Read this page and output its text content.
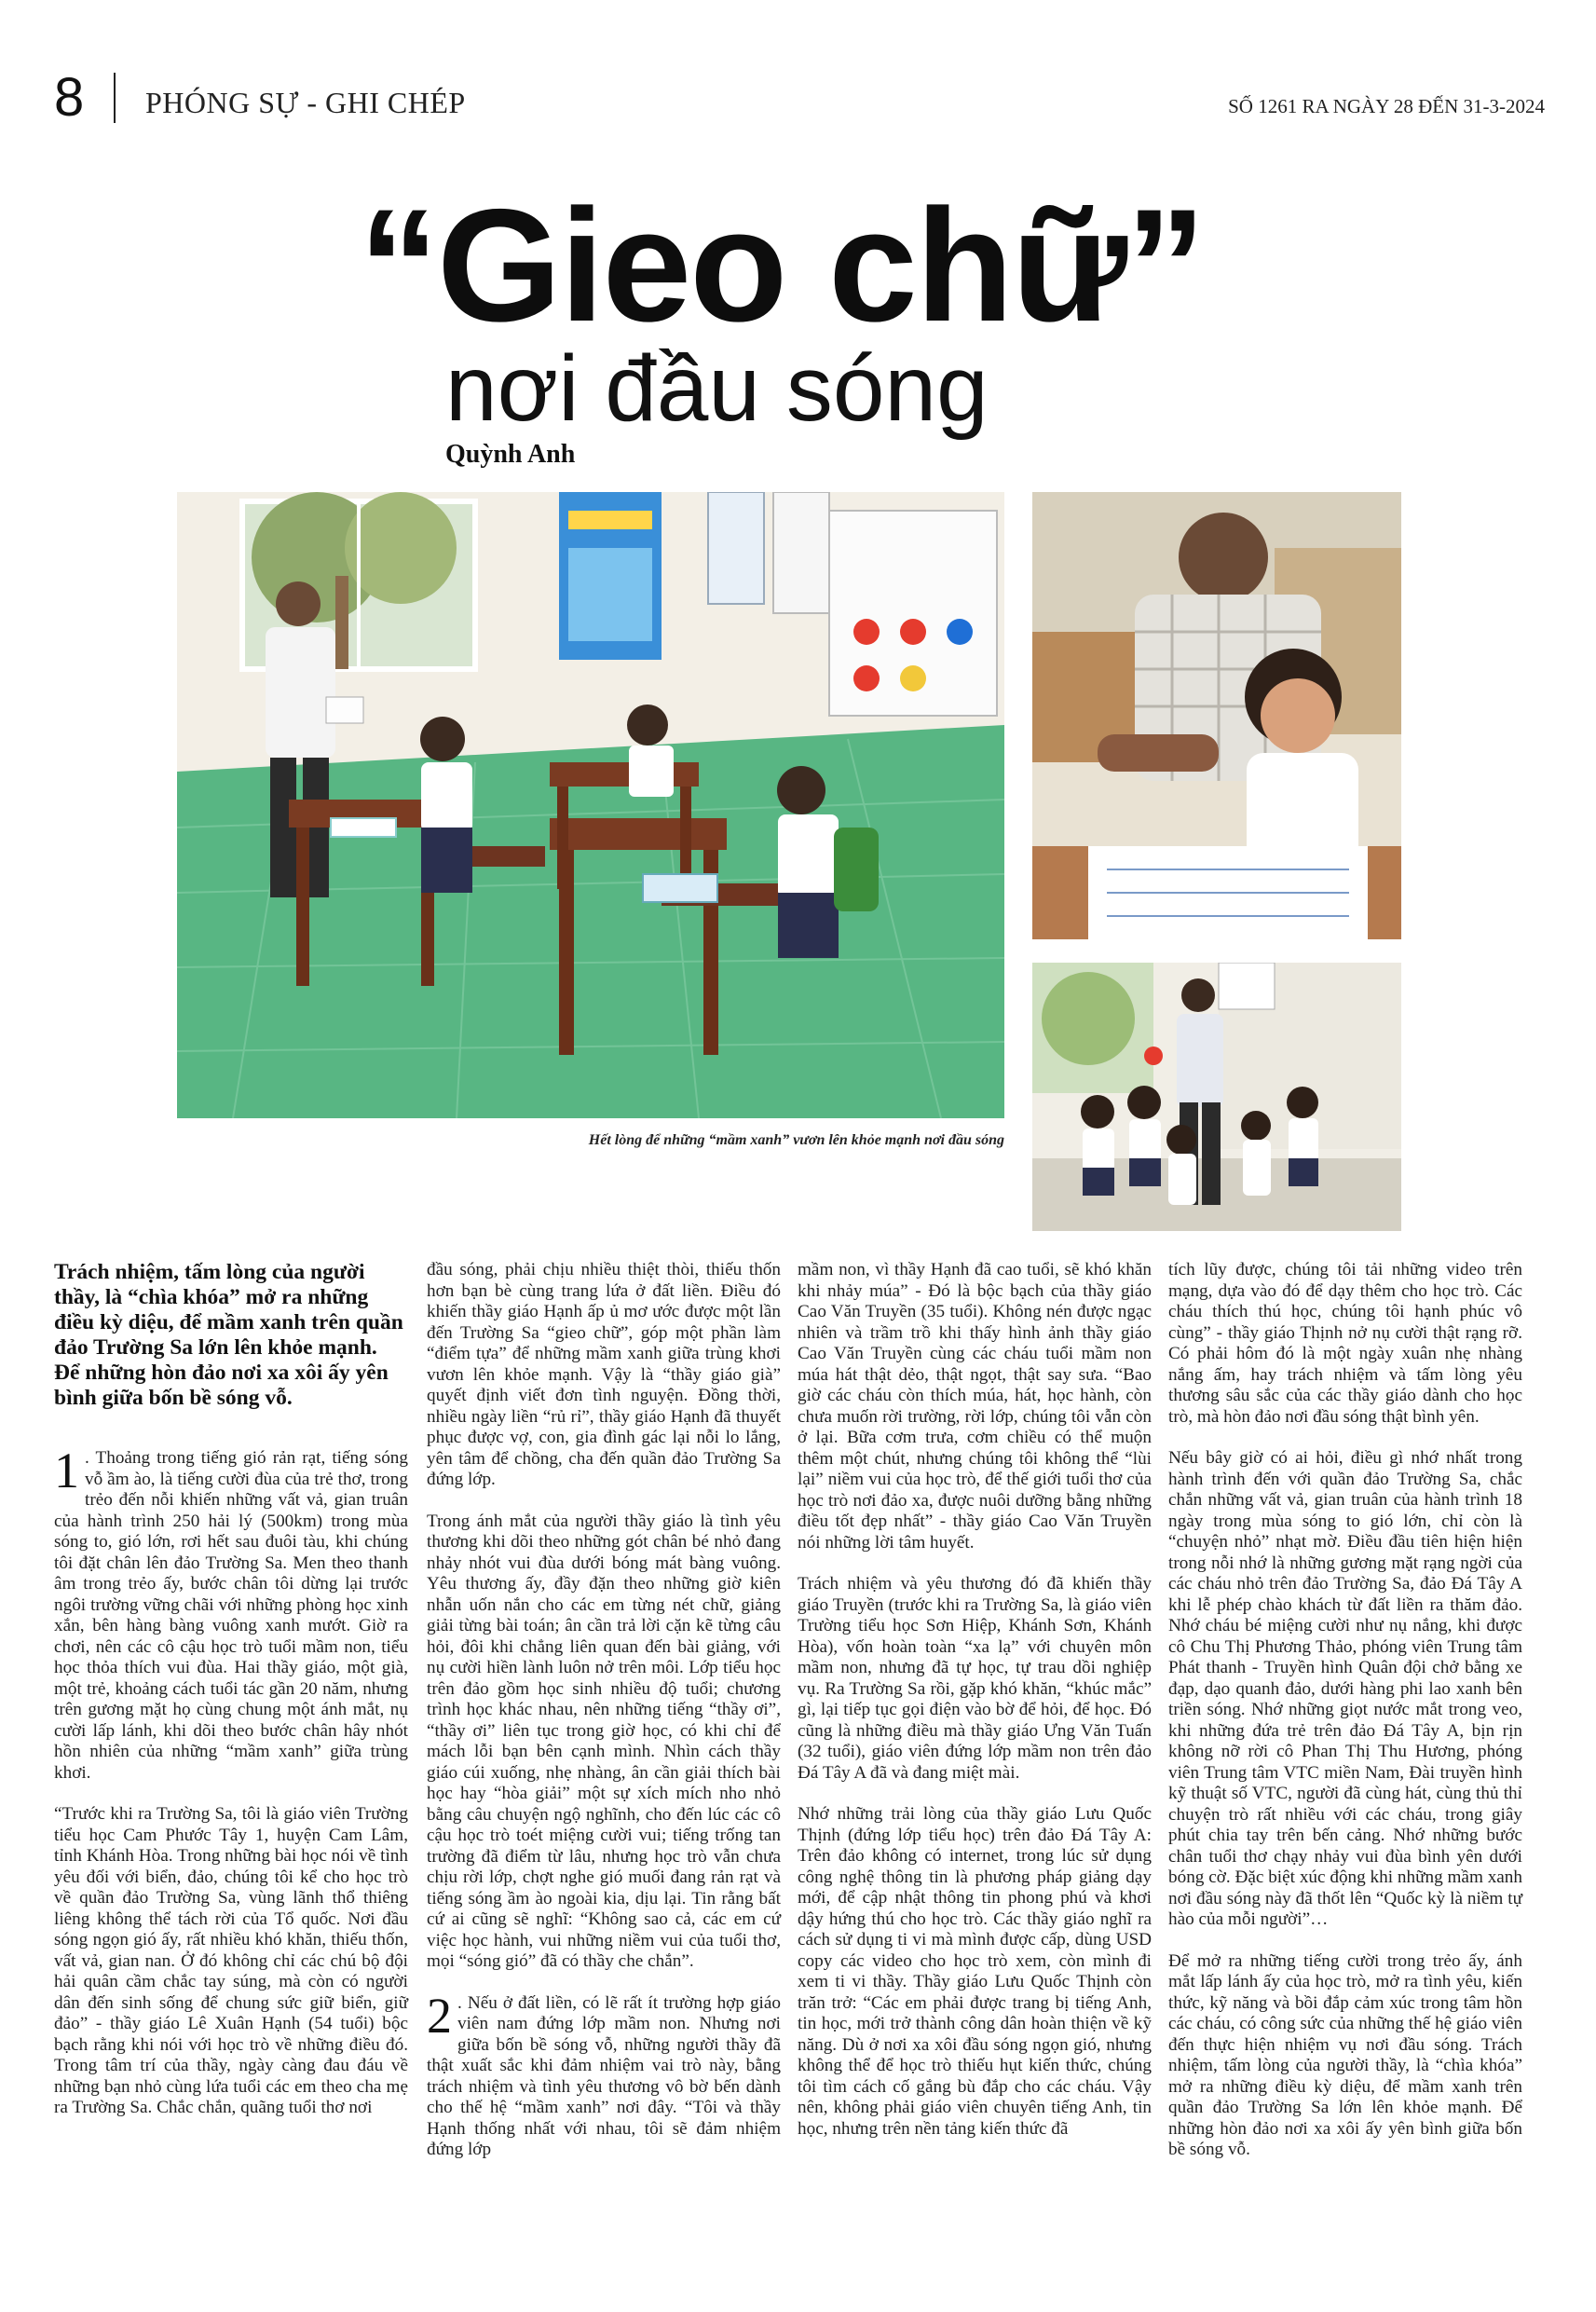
8 PHÓNG SỰ - GHI CHÉP	SỐ 1261 RA NGÀY 28 ĐẾN 31-3-2024
“Gieo chữ”
nơi đầu sóng
Quỳnh Anh
Hết lòng để những “mầm xanh” vươn lên khỏe mạnh nơi đầu sóng

Trách nhiệm, tấm lòng của người thầy, là “chìa khóa” mở ra những điều kỳ diệu, để mầm xanh trên quần đảo Trường Sa lớn lên khỏe mạnh. Để những hòn đảo nơi xa xôi ấy yên bình giữa bốn bề sóng vỗ.

1 . Thoảng trong tiếng gió rản rạt, tiếng sóng vỗ ầm ào, là tiếng cười đùa của trẻ thơ, trong trẻo đến nỗi khiến những vất vả, gian truân của hành trình 250 hải lý (500km) trong mùa sóng to, gió lớn, rơi hết sau đuôi tàu, khi chúng tôi đặt chân lên đảo Trường Sa. Men theo thanh âm trong trẻo ấy, bước chân tôi dừng lại trước ngôi trường vững chãi với những phòng học xinh xắn, bên hàng bàng vuông xanh mướt. Giờ ra chơi, nên các cô cậu học trò tuổi mầm non, tiểu học thỏa thích vui đùa. Hai thầy giáo, một già, một trẻ, khoảng cách tuổi tác gần 20 năm, nhưng trên gương mặt họ cùng chung một ánh mắt, nụ cười lấp lánh, khi dõi theo bước chân hây nhót hồn nhiên của những “mầm xanh” giữa trùng khơi.

“Trước khi ra Trường Sa, tôi là giáo viên Trường tiểu học Cam Phước Tây 1, huyện Cam Lâm, tỉnh Khánh Hòa. Trong những bài học nói về tình yêu đối với biển, đảo, chúng tôi kể cho học trò về quần đảo Trường Sa, vùng lãnh thổ thiêng liêng không thể tách rời của Tổ quốc. Nơi đầu sóng ngọn gió ấy, rất nhiều khó khăn, thiếu thốn, vất vả, gian nan. Ở đó không chỉ các chú bộ đội hải quân cầm chắc tay súng, mà còn có người dân đến sinh sống để chung sức giữ biển, giữ đảo” - thầy giáo Lê Xuân Hạnh (54 tuổi) bộc bạch rằng khi nói với học trò về những điều đó. Trong tâm trí của thầy, ngày càng đau đáu về những bạn nhỏ cùng lứa tuổi các em theo cha mẹ ra Trường Sa. Chắc chắn, quãng tuổi thơ nơi

đầu sóng, phải chịu nhiều thiệt thòi, thiếu thốn hơn bạn bè cùng trang lứa ở đất liền. Điều đó khiến thầy giáo Hạnh ấp ủ mơ ước được một lần đến Trường Sa “gieo chữ”, góp một phần làm “điểm tựa” để những mầm xanh giữa trùng khơi vươn lên khỏe mạnh. Vậy là “thầy giáo già” quyết định viết đơn tình nguyện. Đồng thời, nhiều ngày liền “rủ rỉ”, thầy giáo Hạnh đã thuyết phục được vợ, con, gia đình gác lại nỗi lo lắng, yên tâm để chồng, cha đến quần đảo Trường Sa đứng lớp.

Trong ánh mắt của người thầy giáo là tình yêu thương khi dõi theo những gót chân bé nhỏ đang nhảy nhót vui đùa dưới bóng mát bàng vuông. Yêu thương ấy, đầy đặn theo những giờ kiên nhẫn uốn nắn cho các em từng nét chữ, giảng giải từng bài toán; ân cần trả lời cặn kẽ từng câu hỏi, đôi khi chẳng liên quan đến bài giảng, với nụ cười hiền lành luôn nở trên môi. Lớp tiểu học trên đảo gồm học sinh nhiều độ tuổi; chương trình học khác nhau, nên những tiếng “thầy ơi”, “thầy ơi” liên tục trong giờ học, có khi chỉ để mách lỗi bạn bên cạnh mình. Nhìn cách thầy giáo cúi xuống, nhẹ nhàng, ân cần giải thích bài học hay “hòa giải” một sự xích mích nho nhỏ bằng câu chuyện ngộ nghĩnh, cho đến lúc các cô cậu học trò toét miệng cười vui; tiếng trống tan trường đã điểm từ lâu, nhưng học trò vẫn chưa chịu rời lớp, chợt nghe gió muối đang rản rạt và tiếng sóng ầm ào ngoài kia, dịu lại. Tin rằng bất cứ ai cũng sẽ nghĩ: “Không sao cả, các em cứ việc học hành, vui những niềm vui của tuổi thơ, mọi “sóng gió” đã có thầy che chắn”.

2 . Nếu ở đất liền, có lẽ rất ít trường hợp giáo viên nam đứng lớp mầm non. Nhưng nơi giữa bốn bề sóng vỗ, những người thầy đã thật xuất sắc khi đảm nhiệm vai trò này, bằng trách nhiệm và tình yêu thương vô bờ bến dành cho thế hệ “mầm xanh” nơi đây. “Tôi và thầy Hạnh thống nhất với nhau, tôi sẽ đảm nhiệm đứng lớp

mầm non, vì thầy Hạnh đã cao tuổi, sẽ khó khăn khi nhảy múa” - Đó là bộc bạch của thầy giáo Cao Văn Truyền (35 tuổi). Không nén được ngạc nhiên và trầm trồ khi thấy hình ảnh thầy giáo Cao Văn Truyền cùng các cháu tuổi mầm non múa hát thật dẻo, thật ngọt, thật say sưa. “Bao giờ các cháu còn thích múa, hát, học hành, còn chưa muốn rời trường, rời lớp, chúng tôi vẫn còn ở lại. Bữa cơm trưa, cơm chiều có thể muộn thêm một chút, nhưng chúng tôi không thể “lùi lại” niềm vui của học trò, để thế giới tuổi thơ của học trò nơi đảo xa, được nuôi dưỡng bằng những điều tốt đẹp nhất” - thầy giáo Cao Văn Truyền nói những lời tâm huyết.

Trách nhiệm và yêu thương đó đã khiến thầy giáo Truyền (trước khi ra Trường Sa, là giáo viên Trường tiểu học Sơn Hiệp, Khánh Sơn, Khánh Hòa), vốn hoàn toàn “xa lạ” với chuyên môn mầm non, nhưng đã tự học, tự trau dồi nghiệp vụ. Ra Trường Sa rồi, gặp khó khăn, “khúc mắc” gì, lại tiếp tục gọi điện vào bờ để hỏi, để học. Đó cũng là những điều mà thầy giáo Ưng Văn Tuấn (32 tuổi), giáo viên đứng lớp mầm non trên đảo Đá Tây A đã và đang miệt mài.

Nhớ những trải lòng của thầy giáo Lưu Quốc Thịnh (đứng lớp tiểu học) trên đảo Đá Tây A: Trên đảo không có internet, trong lúc sử dụng công nghệ thông tin là phương pháp giảng dạy mới, để cập nhật thông tin phong phú và khơi dậy hứng thú cho học trò. Các thầy giáo nghĩ ra cách sử dụng ti vi mà mình được cấp, dùng USD copy các video cho học trò xem, còn mình đi xem ti vi thầy. Thầy giáo Lưu Quốc Thịnh còn trăn trở: “Các em phải được trang bị tiếng Anh, tin học, mới trở thành công dân hoàn thiện về kỹ năng. Dù ở nơi xa xôi đầu sóng ngọn gió, nhưng không thể để học trò thiếu hụt kiến thức, chúng tôi tìm cách cố gắng bù đắp cho các cháu. Vậy nên, không phải giáo viên chuyên tiếng Anh, tin học, nhưng trên nền tảng kiến thức đã

tích lũy được, chúng tôi tải những video trên mạng, dựa vào đó để dạy thêm cho học trò. Các cháu thích thú học, chúng tôi hạnh phúc vô cùng” - thầy giáo Thịnh nở nụ cười thật rạng rỡ. Có phải hôm đó là một ngày xuân nhẹ nhàng nắng ấm, hay trách nhiệm và tấm lòng yêu thương sâu sắc của các thầy giáo dành cho học trò, mà hòn đảo nơi đầu sóng thật bình yên.

Nếu bây giờ có ai hỏi, điều gì nhớ nhất trong hành trình đến với quần đảo Trường Sa, chắc chắn những vất vả, gian truân của hành trình 18 ngày trong mùa sóng to gió lớn, chỉ còn là “chuyện nhỏ” nhạt mờ. Điều đầu tiên hiện hiện trong nỗi nhớ là những gương mặt rạng ngời của các cháu nhỏ trên đảo Trường Sa, đảo Đá Tây A khi lễ phép chào khách từ đất liền ra thăm đảo. Nhớ cháu bé miệng cười như nụ nắng, khi được cô Chu Thị Phương Thảo, phóng viên Trung tâm Phát thanh - Truyền hình Quân đội chở bằng xe đạp, dạo quanh đảo, dưới hàng phi lao xanh bên triền sóng. Nhớ những giọt nước mắt trong veo, khi những đứa trẻ trên đảo Đá Tây A, bịn rịn không nỡ rời cô Phan Thị Thu Hương, phóng viên Trung tâm VTC miền Nam, Đài truyền hình kỹ thuật số VTC, người đã cùng hát, cùng thủ thỉ chuyện trò rất nhiều với các cháu, trong giây phút chia tay trên bến cảng. Nhớ những bước chân tuổi thơ chạy nhảy vui đùa bình yên dưới bóng cờ. Đặc biệt xúc động khi những mầm xanh nơi đầu sóng này đã thốt lên “Quốc kỳ là niềm tự hào của mỗi người”…

Để mở ra những tiếng cười trong trẻo ấy, ánh mắt lấp lánh ấy của học trò, mở ra tình yêu, kiến thức, kỹ năng và bồi đắp cảm xúc trong tâm hồn các cháu, có công sức của những thế hệ giáo viên đến thực hiện nhiệm vụ nơi đầu sóng. Trách nhiệm, tấm lòng của người thầy, là “chìa khóa” mở ra những điều kỳ diệu, để mầm xanh trên quần đảo Trường Sa lớn lên khỏe mạnh. Để những hòn đảo nơi xa xôi ấy yên bình giữa bốn bề sóng vỗ.
